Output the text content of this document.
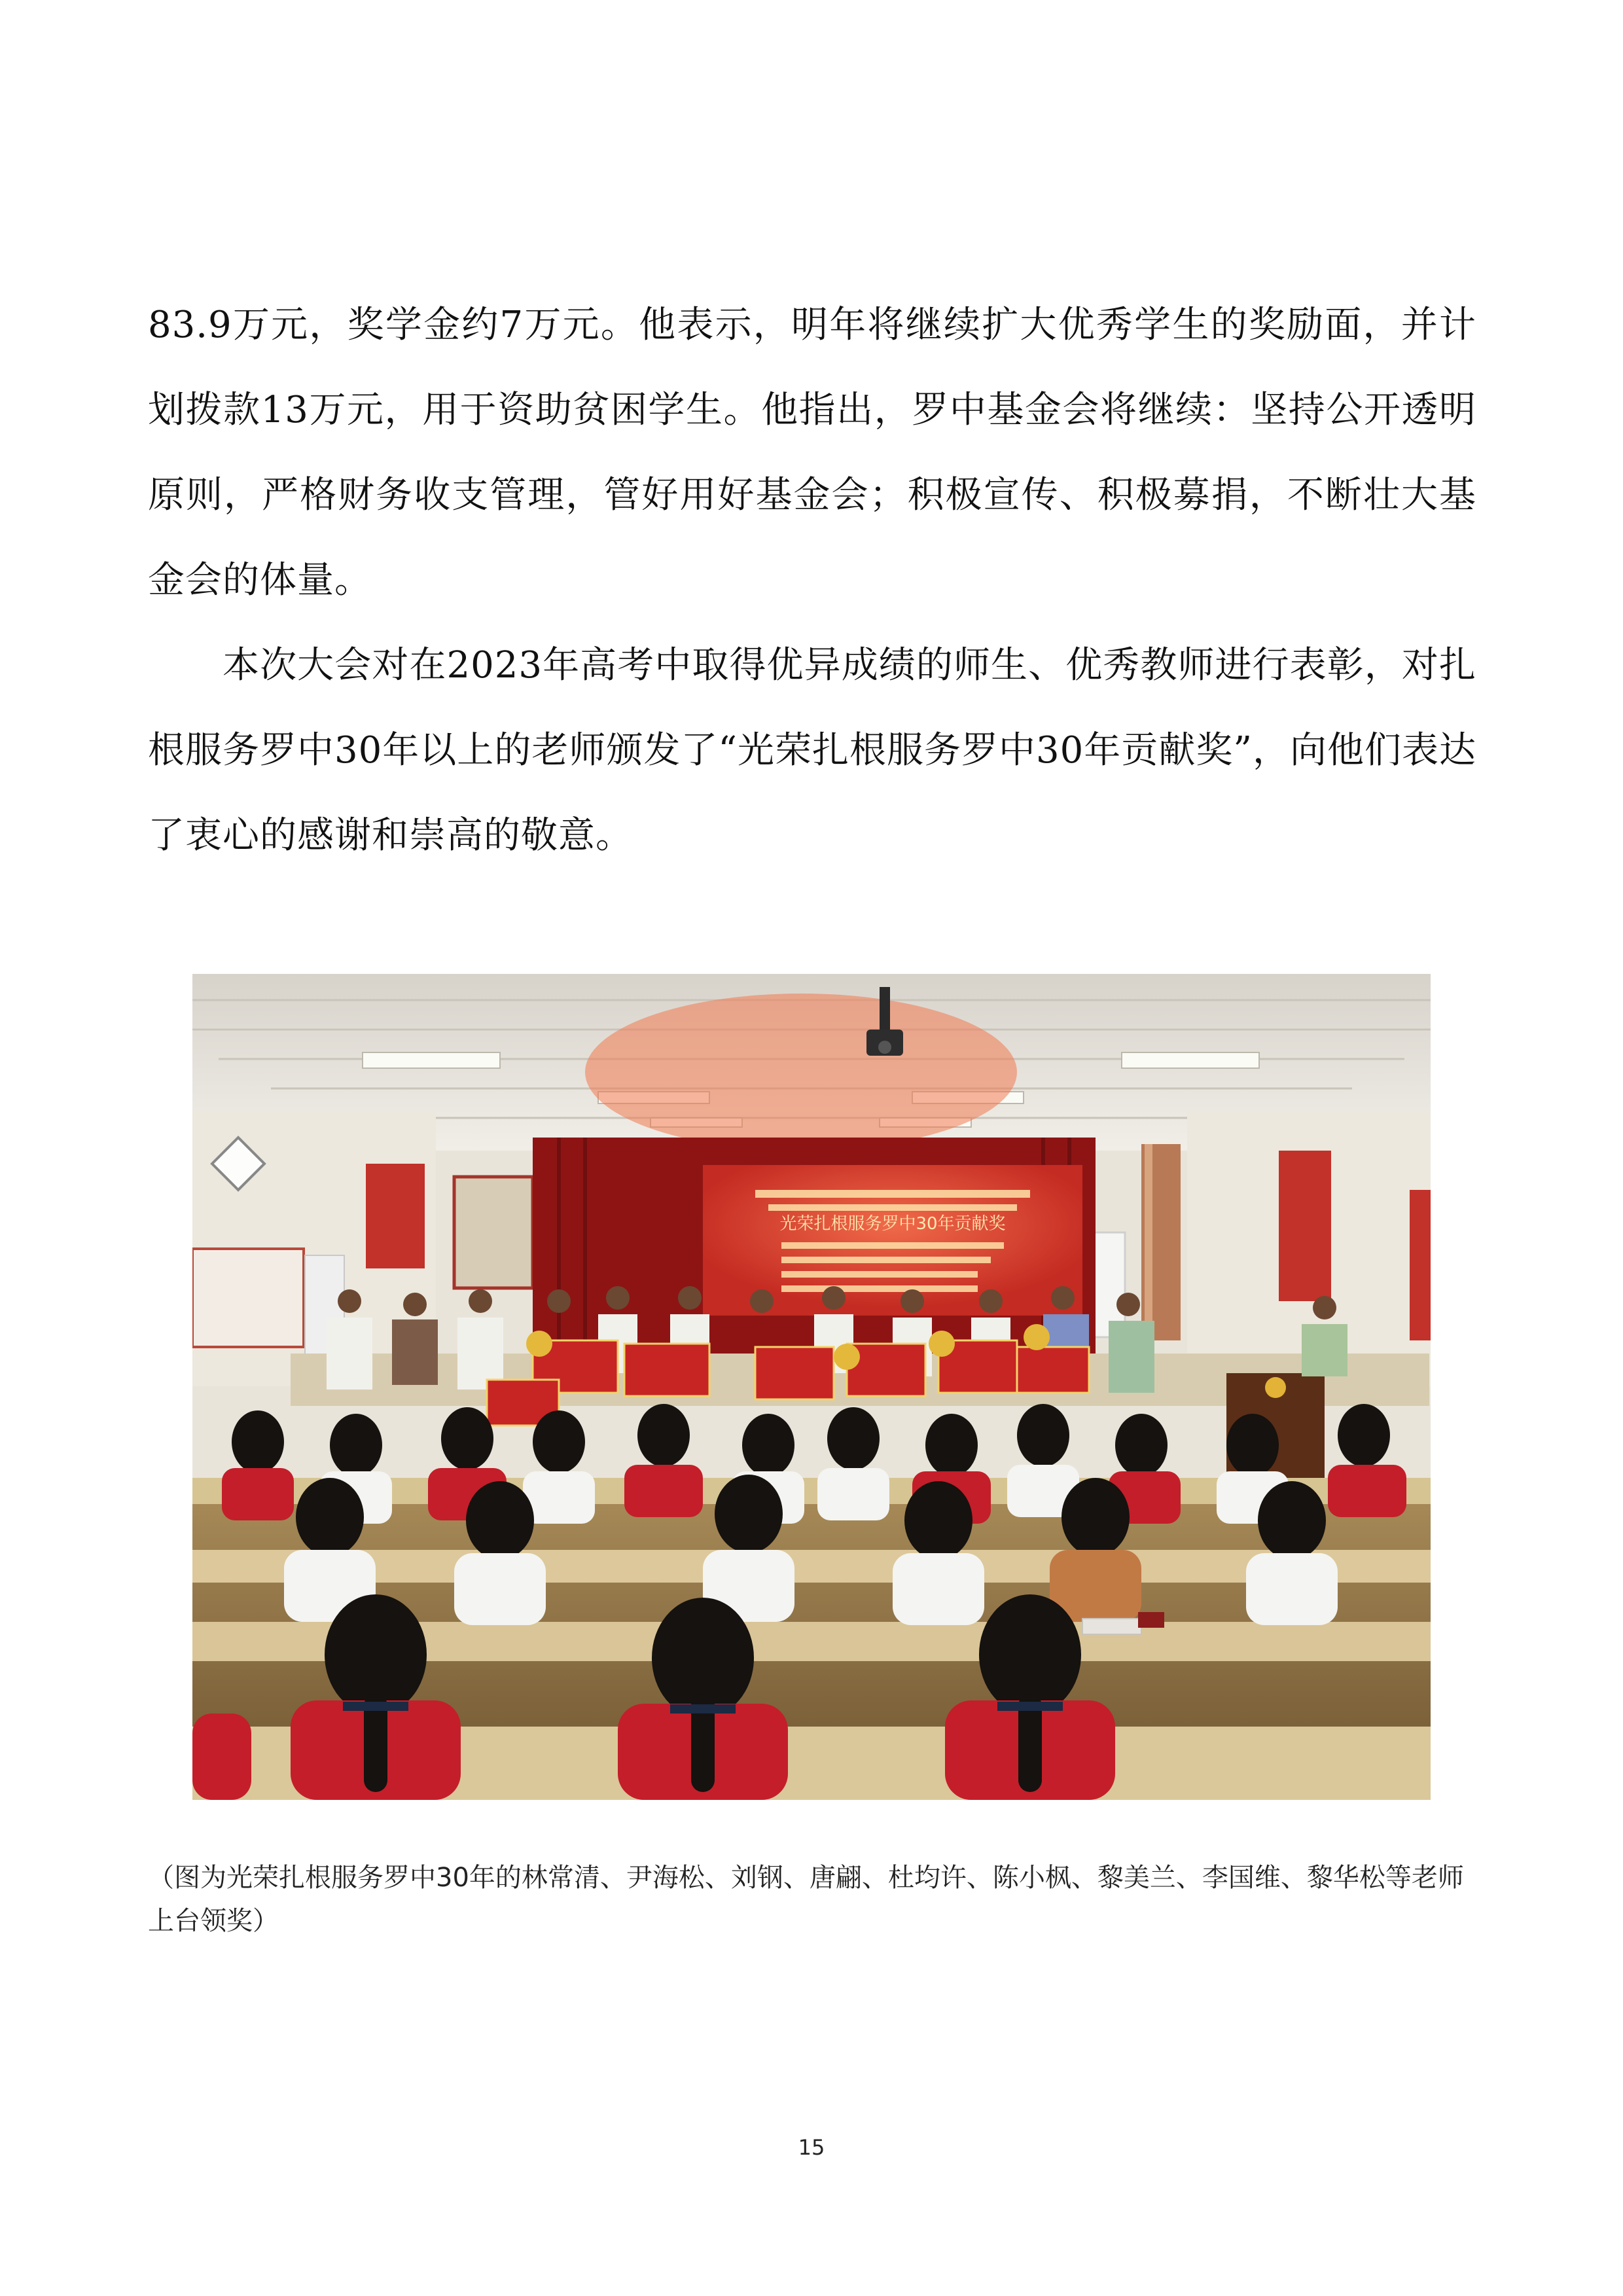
83.9万元，奖学金约7万元。他表示，明年将继续扩大优秀学生的奖励面，并计划拨款13万元，用于资助贫困学生。他指出，罗中基金会将继续：坚持公开透明原则，严格财务收支管理，管好用好基金会；积极宣传、积极募捐，不断壮大基金会的体量。

本次大会对在2023年高考中取得优异成绩的师生、优秀教师进行表彰，对扎根服务罗中30年以上的老师颁发了“光荣扎根服务罗中30年贡献奖”，向他们表达了衷心的感谢和崇高的敬意。

光荣扎根服务罗中30年贡献奖

（图为光荣扎根服务罗中30年的林常清、尹海松、刘钢、唐翩、杜均许、陈小枫、黎美兰、李国维、黎华松等老师上台领奖）

15
